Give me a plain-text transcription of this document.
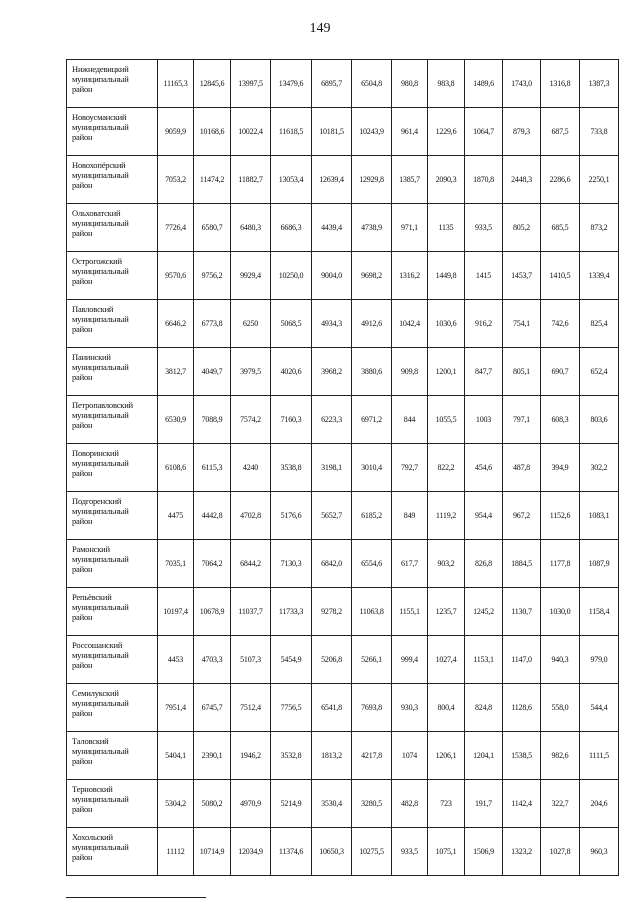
149
Нижнедевицкий
муниципальный
район	11165,3	12845,6	13997,5	13479,6	6895,7	6504,8	980,8	983,8	1489,6	1743,0	1316,8	1387,3

Новоусманский
муниципальный
район	9059,9	10168,6	10022,4	11618,5	10181,5	10243,9	961,4	1229,6	1064,7	879,3	687,5	733,8

Новохопёрский
муниципальный
район	7053,2	11474,2	11882,7	13053,4	12639,4	12929,8	1385,7	2090,3	1870,8	2448,3	2286,6	2250,1

Ольховатский
муниципальный
район	7726,4	6580,7	6480,3	6686,3	4439,4	4738,9	971,1	1135	933,5	805,2	685,5	873,2

Острогожский
муниципальный
район	9570,6	9756,2	9929,4	10250,0	9004,0	9698,2	1316,2	1449,8	1415	1453,7	1410,5	1339,4

Павловский
муниципальный
район	6646,2	6773,8	6250	5068,5	4934,3	4912,6	1042,4	1030,6	916,2	754,1	742,6	825,4

Панинский
муниципальный
район	3812,7	4049,7	3979,5	4020,6	3968,2	3880,6	909,8	1200,1	847,7	805,1	690,7	652,4

Петропавловский
муниципальный
район	6530,9	7088,9	7574,2	7160,3	6223,3	6971,2	844	1055,5	1003	797,1	608,3	803,6

Поворинский
муниципальный
район	6108,6	6115,3	4240	3538,8	3198,1	3010,4	792,7	822,2	454,6	487,8	394,9	302,2

Подгоренский
муниципальный
район	4475	4442,8	4702,8	5176,6	5652,7	6185,2	849	1119,2	954,4	967,2	1152,6	1083,1

Рамонский
муниципальный
район	7035,1	7064,2	6844,2	7130,3	6842,0	6554,6	617,7	903,2	826,8	1884,5	1177,8	1087,9

Репьёвский
муниципальный
район	10197,4	10678,9	11037,7	11733,3	9278,2	11063,8	1155,1	1235,7	1245,2	1130,7	1030,0	1158,4

Россошанский
муниципальный
район	4453	4703,3	5107,3	5454,9	5206,8	5266,1	999,4	1027,4	1153,1	1147,0	940,3	979,0

Семилукский
муниципальный
район	7951,4	6745,7	7512,4	7756,5	6541,8	7693,8	930,3	800,4	824,8	1128,6	558,0	544,4

Таловский
муниципальный
район	5404,1	2390,1	1946,2	3532,8	1813,2	4217,8	1074	1206,1	1204,1	1538,5	982,6	1111,5

Терновский
муниципальный
район	5304,2	5080,2	4970,9	5214,9	3530,4	3280,5	482,8	723	191,7	1142,4	322,7	204,6

Хохольский
муниципальный
район	11112	10714,9	12034,9	11374,6	10650,3	10275,5	933,5	1075,1	1506,9	1323,2	1027,8	960,3
